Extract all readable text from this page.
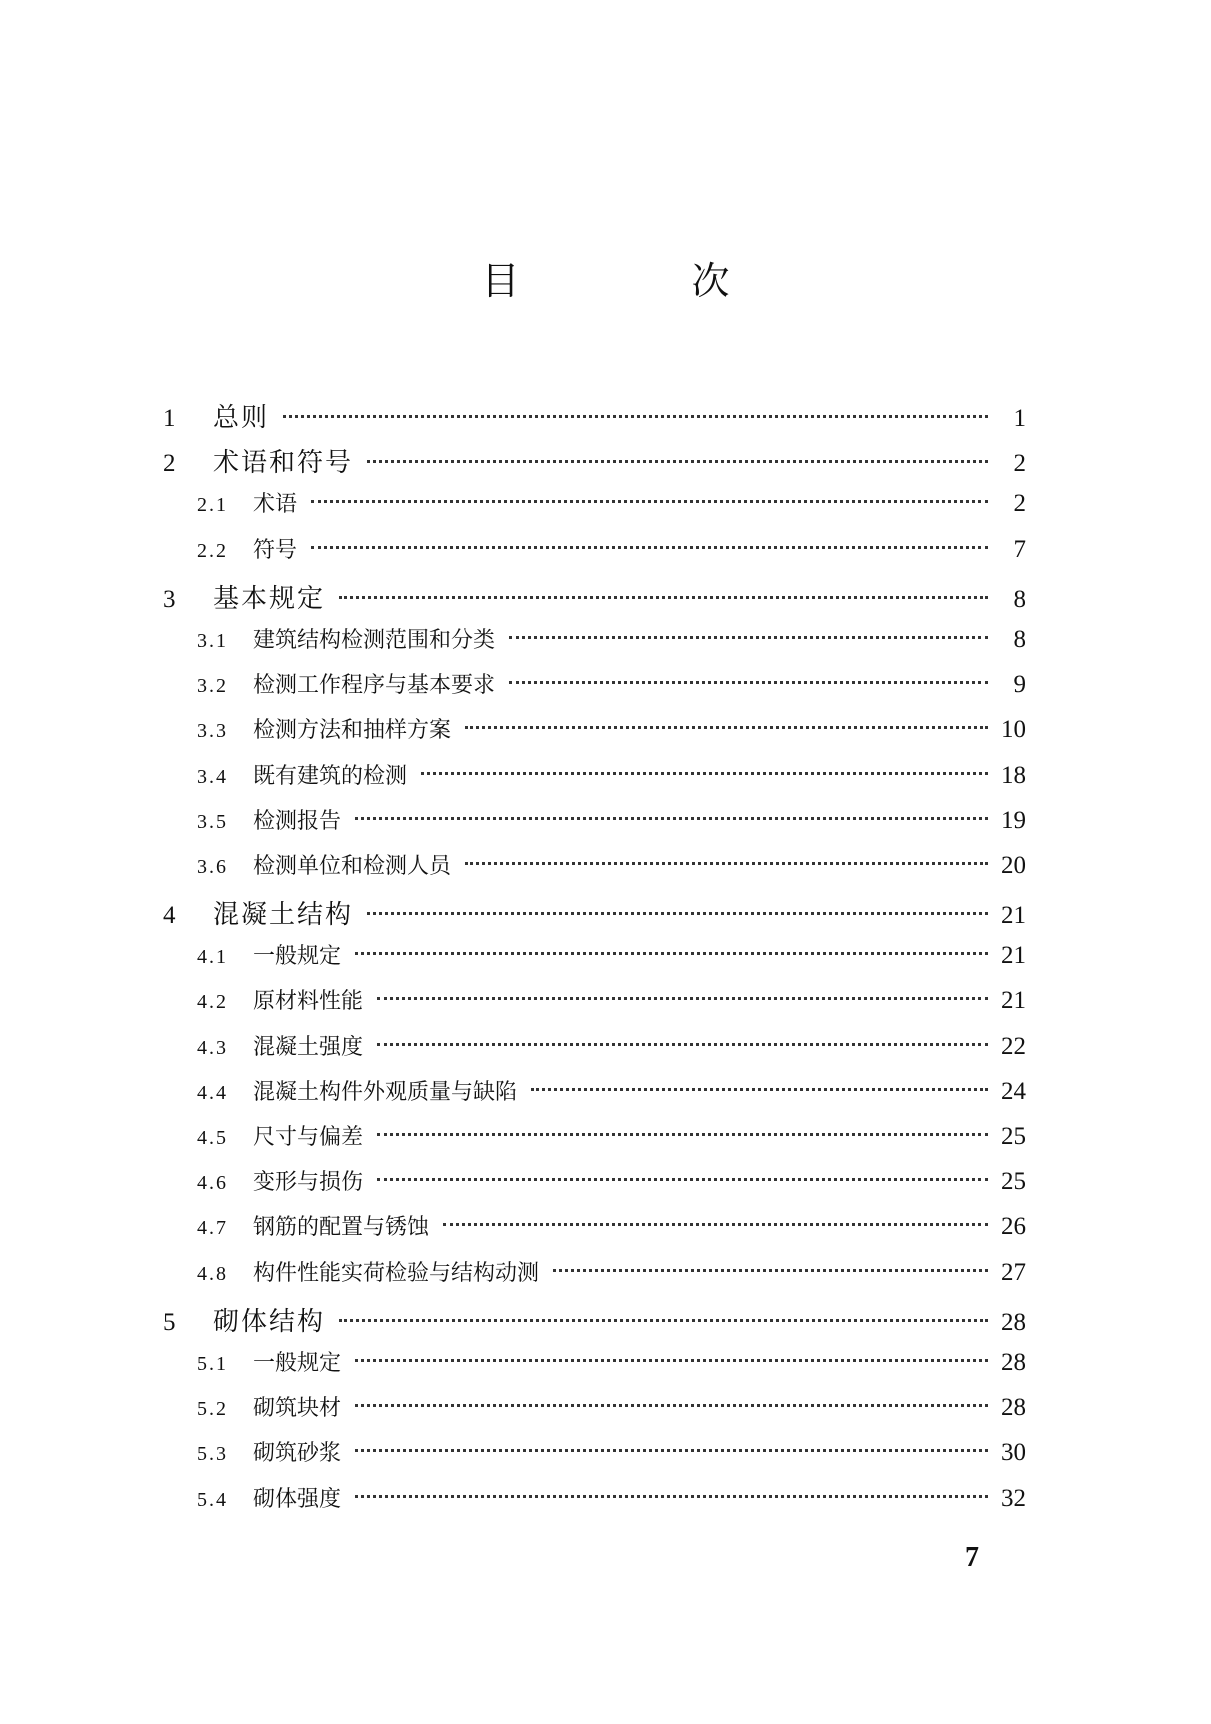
目 次
1	总则	1
2	术语和符号	2
2.1	术语	2
2.2	符号	7
3	基本规定	8
3.1	建筑结构检测范围和分类	8
3.2	检测工作程序与基本要求	9
3.3	检测方法和抽样方案	10
3.4	既有建筑的检测	18
3.5	检测报告	19
3.6	检测单位和检测人员	20
4	混凝土结构	21
4.1	一般规定	21
4.2	原材料性能	21
4.3	混凝土强度	22
4.4	混凝土构件外观质量与缺陷	24
4.5	尺寸与偏差	25
4.6	变形与损伤	25
4.7	钢筋的配置与锈蚀	26
4.8	构件性能实荷检验与结构动测	27
5	砌体结构	28
5.1	一般规定	28
5.2	砌筑块材	28
5.3	砌筑砂浆	30
5.4	砌体强度	32
7
